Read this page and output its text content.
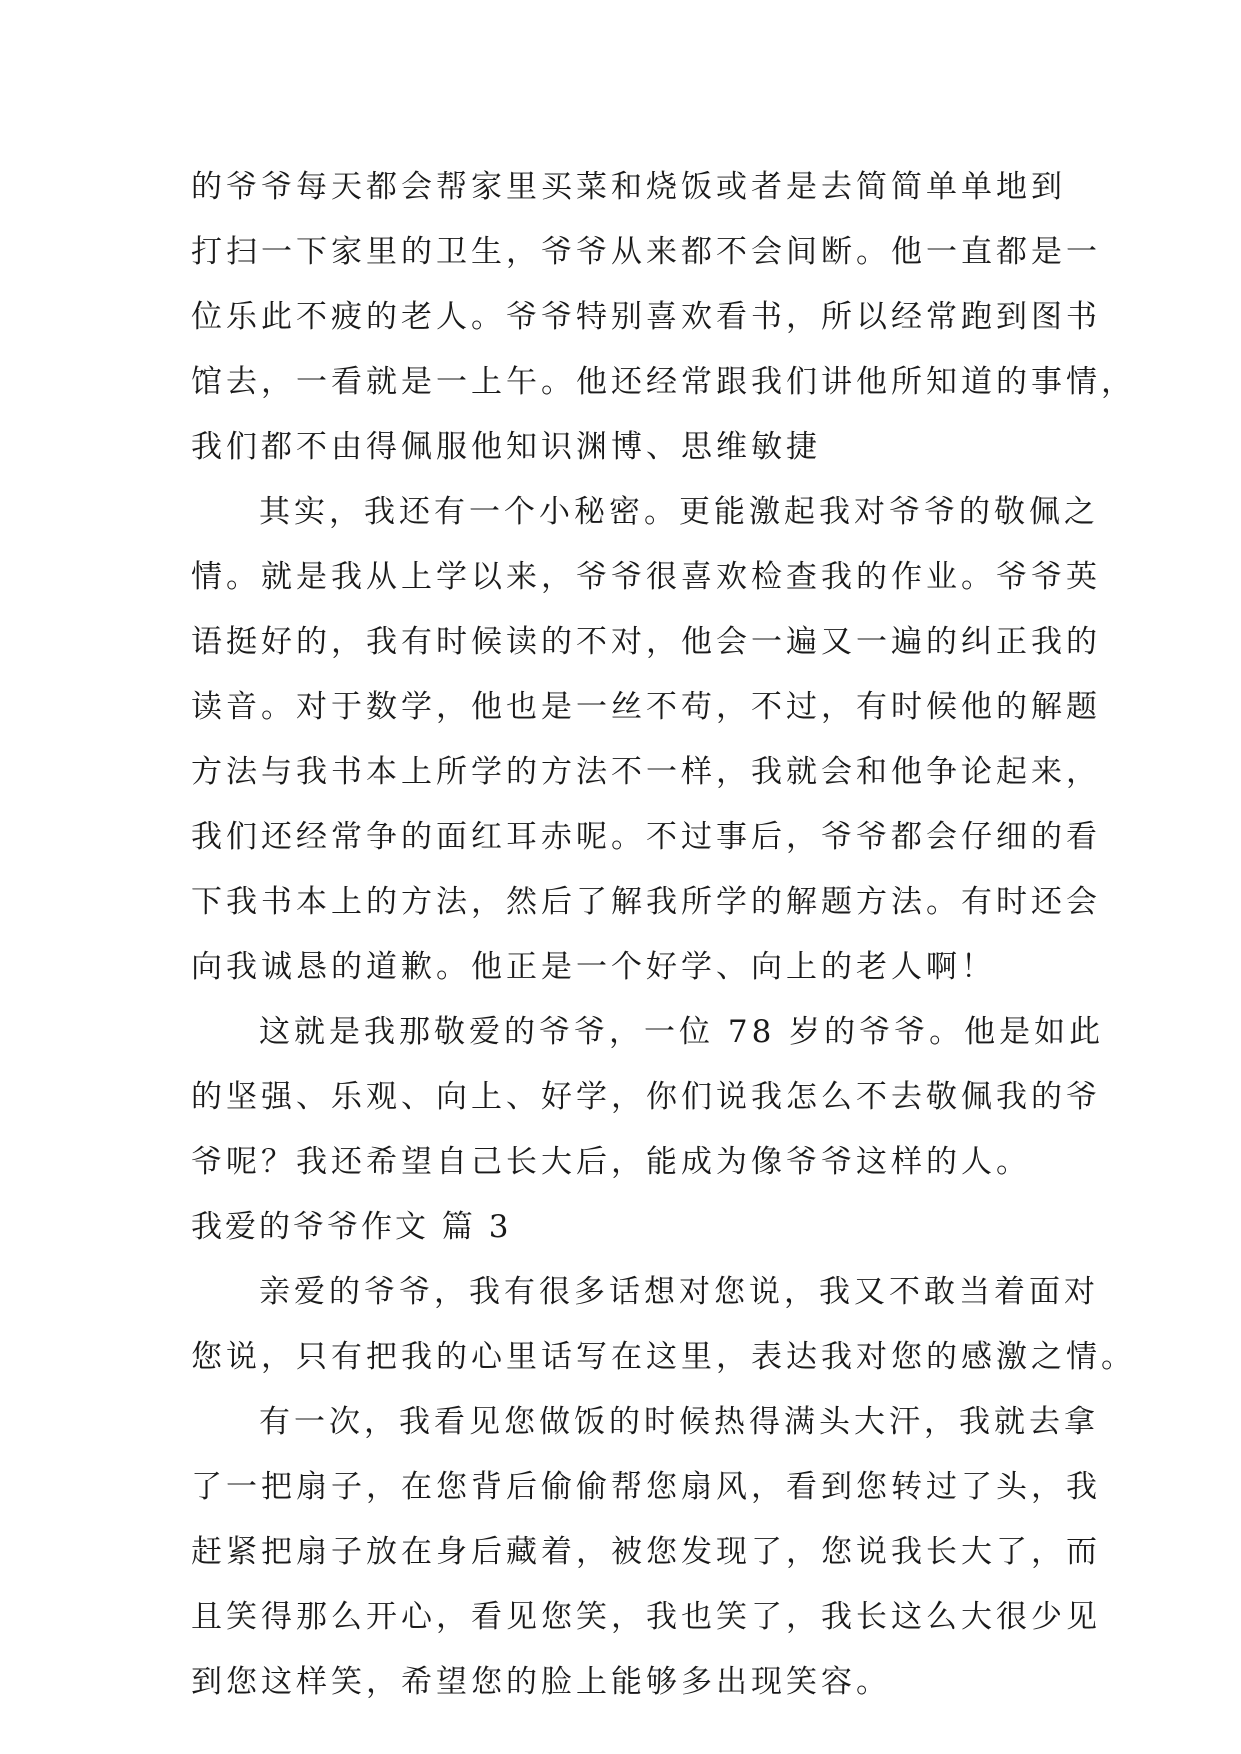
的爷爷每天都会帮家里买菜和烧饭或者是去简简单单地到
打扫一下家里的卫生，爷爷从来都不会间断。他一直都是一
位乐此不疲的老人。爷爷特别喜欢看书，所以经常跑到图书
馆去，一看就是一上午。他还经常跟我们讲他所知道的事情，
我们都不由得佩服他知识渊博、思维敏捷
其实，我还有一个小秘密。更能激起我对爷爷的敬佩之
情。就是我从上学以来，爷爷很喜欢检查我的作业。爷爷英
语挺好的，我有时候读的不对，他会一遍又一遍的纠正我的
读音。对于数学，他也是一丝不苟，不过，有时候他的解题
方法与我书本上所学的方法不一样，我就会和他争论起来，
我们还经常争的面红耳赤呢。不过事后，爷爷都会仔细的看
下我书本上的方法，然后了解我所学的解题方法。有时还会
向我诚恳的道歉。他正是一个好学、向上的老人啊！
这就是我那敬爱的爷爷，一位 78 岁的爷爷。他是如此
的坚强、乐观、向上、好学，你们说我怎么不去敬佩我的爷
爷呢？我还希望自己长大后，能成为像爷爷这样的人。
我爱的爷爷作文 篇 3
亲爱的爷爷，我有很多话想对您说，我又不敢当着面对
您说，只有把我的心里话写在这里，表达我对您的感激之情。
有一次，我看见您做饭的时候热得满头大汗，我就去拿
了一把扇子，在您背后偷偷帮您扇风，看到您转过了头，我
赶紧把扇子放在身后藏着，被您发现了，您说我长大了，而
且笑得那么开心，看见您笑，我也笑了，我长这么大很少见
到您这样笑，希望您的脸上能够多出现笑容。
